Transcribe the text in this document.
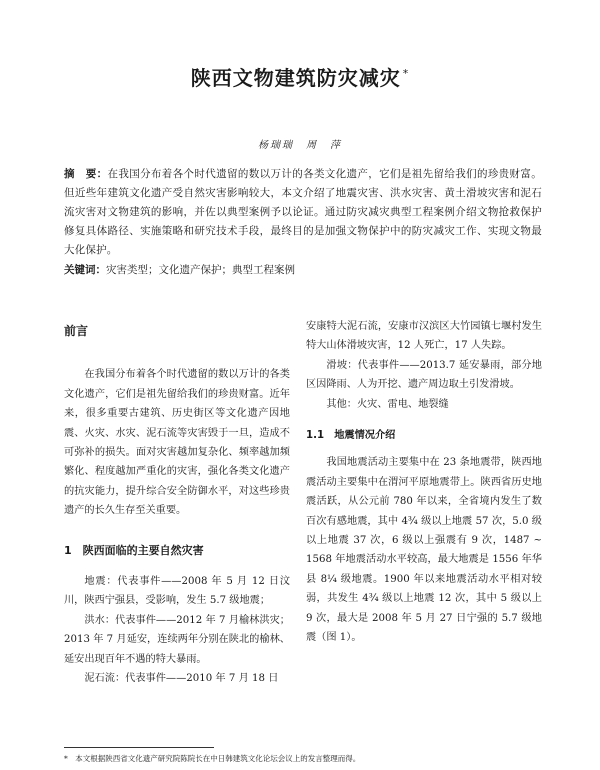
陕西文物建筑防灾减灾 *
杨瑞瑞　周　萍
摘　要：在我国分布着各个时代遗留的数以万计的各类文化遗产，它们是祖先留给我们的珍贵财富。但近些年建筑文化遗产受自然灾害影响较大，本文介绍了地震灾害、洪水灾害、黄土滑坡灾害和泥石流灾害对文物建筑的影响，并佐以典型案例予以论证。通过防灾减灾典型工程案例介绍文物抢救保护修复具体路径、实施策略和研究技术手段，最终目的是加强文物保护中的防灾减灾工作、实现文物最大化保护。
关键词：灾害类型；文化遗产保护；典型工程案例
前言

在我国分布着各个时代遗留的数以万计的各类文化遗产，它们是祖先留给我们的珍贵财富。近年来，很多重要古建筑、历史街区等文化遗产因地震、火灾、水灾、泥石流等灾害毁于一旦，造成不可弥补的损失。面对灾害越加复杂化、频率越加频繁化、程度越加严重化的灾害，强化各类文化遗产的抗灾能力，提升综合安全防御水平，对这些珍贵遗产的长久生存至关重要。

1　陕西面临的主要自然灾害

地震：代表事件——2008 年 5 月 12 日汶川，陕西宁强县，受影响，发生 5.7 级地震；

洪水：代表事件——2012 年 7 月榆林洪灾；2013 年 7 月延安，连续两年分别在陕北的榆林、延安出现百年不遇的特大暴雨。

泥石流：代表事件——2010 年 7 月 18 日

安康特大泥石流，安康市汉滨区大竹园镇七堰村发生特大山体滑坡灾害，12 人死亡，17 人失踪。

滑坡：代表事件——2013.7 延安暴雨，部分地区因降雨、人为开挖、遗产周边取土引发滑坡。

其他：火灾、雷电、地裂缝

1.1　地震情况介绍

我国地震活动主要集中在 23 条地震带，陕西地震活动主要集中在渭河平原地震带上。陕西省历史地震活跃，从公元前 780 年以来，全省境内发生了数百次有感地震，其中 4¾ 级以上地震 57 次，5.0 级以上地震 37 次，6 级以上强震有 9 次，1487 ~ 1568 年地震活动水平较高，最大地震是 1556 年华县 8¼ 级地震。1900 年以来地震活动水平相对较弱，共发生 4¾ 级以上地震 12 次，其中 5 级以上 9 次，最大是 2008 年 5 月 27 日宁强的 5.7 级地震（图 1）。

*　 本文根据陕西省文化遗产研究院陈院长在中日韩建筑文化论坛会议上的发言整理而得。
